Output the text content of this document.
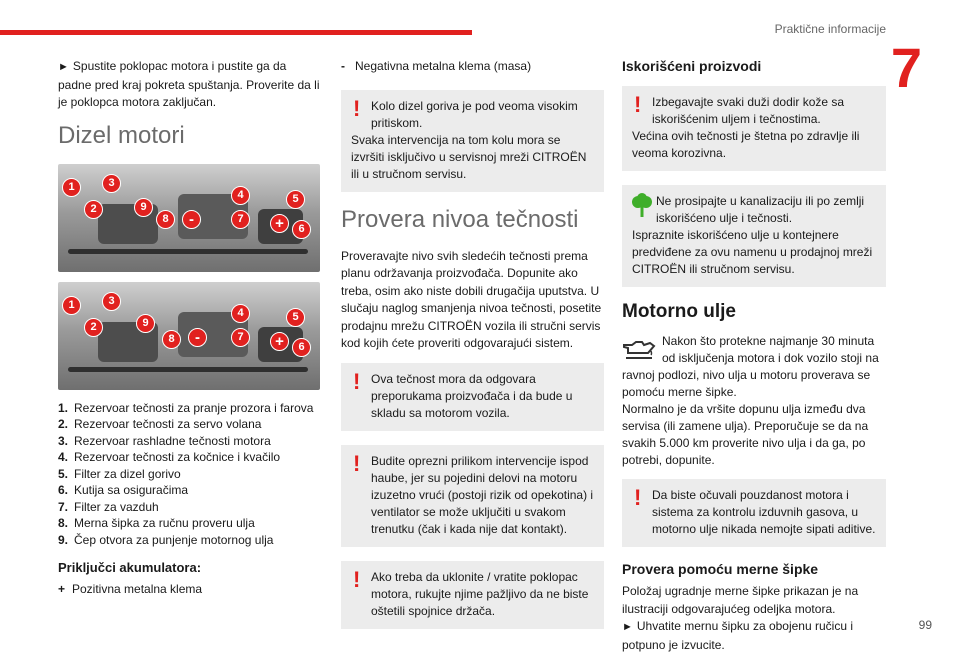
Praktične informacije
7
99

► Spustite poklopac motora i pustite ga da padne pred kraj pokreta spuštanja. Proverite da li je poklopca motora zaključan.

Dizel motori
1
2
3
9
8	-
4
7
5
+	6
1
2
3
9
8	-
4
7
5
+	6
1. Rezervoar tečnosti za pranje prozora i farova
2. Rezervoar tečnosti za servo volana
3. Rezervoar rashladne tečnosti motora
4. Rezervoar tečnosti za kočnice i kvačilo
5. Filter za dizel gorivo
6. Kutija sa osiguračima
7. Filter za vazduh
8. Merna šipka za ručnu proveru ulja
9. Čep otvora za punjenje motornog ulja
Priključci akumulatora:

+ Pozitivna metalna klema

- Negativna metalna klema (masa)

! Kolo dizel goriva je pod veoma visokim pritiskom.
Svaka intervencija na tom kolu mora se izvršiti isključivo u servisnoj mreži CITROËN ili u stručnom servisu.
Provera nivoa tečnosti

Proveravajte nivo svih sledećih tečnosti prema planu održavanja proizvođača. Dopunite ako treba, osim ako niste dobili drugačija uputstva. U slučaju naglog smanjenja nivoa tečnosti, posetite prodajnu mrežu CITROËN vozila ili stručni servis kod kojih ćete proveriti odgovarajući sistem.

! Ova tečnost mora da odgovara preporukama proizvođača i da bude u skladu sa motorom vozila.
! Budite oprezni prilikom intervencije ispod haube, jer su pojedini delovi na motoru izuzetno vrući (postoji rizik od opekotina) i ventilator se može uključiti u svakom trenutku (čak i kada nije dat kontakt).
! Ako treba da uklonite / vratite poklopac motora, rukujte njime pažljivo da ne biste oštetili spojnice držača.
Iskorišćeni proizvodi
! Izbegavajte svaki duži dodir kože sa iskorišćenim uljem i tečnostima.
Većina ovih tečnosti je štetna po zdravlje ili veoma korozivna.
Ne prosipajte u kanalizaciju ili po zemlji iskorišćeno ulje i tečnosti.
Ispraznite iskorišćeno ulje u kontejnere predviđene za ovu namenu u prodajnoj mreži CITROËN ili stručnom servisu.
Motorno ulje
Nakon što protekne najmanje 30 minuta od isključenja motora i dok vozilo stoji na ravnoj podlozi, nivo ulja u motoru proverava se pomoću merne šipke.
Normalno je da vršite dopunu ulja između dva servisa (ili zamene ulja). Preporučuje se da na svakih 5.000 km proverite nivo ulja i da ga, po potrebi, dopunite.
! Da biste očuvali pouzdanost motora i sistema za kontrolu izduvnih gasova, u motorno ulje nikada nemojte sipati aditive.
Provera pomoću merne šipke

Položaj ugradnje merne šipke prikazan je na ilustraciji odgovarajućeg odeljka motora.

► Uhvatite mernu šipku za obojenu ručicu i potpuno je izvucite.
